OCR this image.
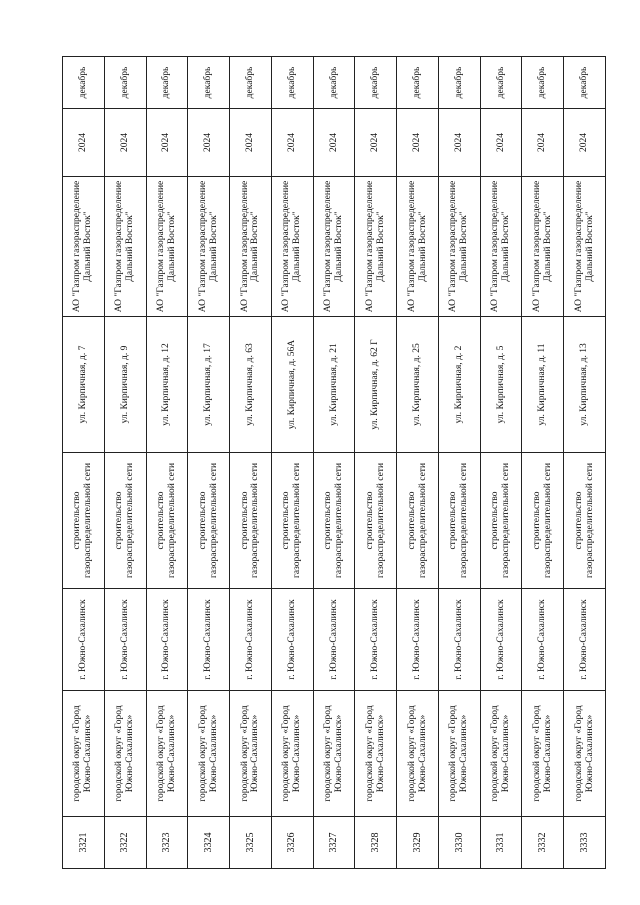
3321	городской округ «Город Южно-Сахалинск»	г. Южно-Сахалинск	строительство газораспределительной сети	ул. Кирпичная, д. 7	АО "Газпром газораспределение Дальний Восток"	2024	декабрь
3322	городской округ «Город Южно-Сахалинск»	г. Южно-Сахалинск	строительство газораспределительной сети	ул. Кирпичная, д. 9	АО "Газпром газораспределение Дальний Восток"	2024	декабрь
3323	городской округ «Город Южно-Сахалинск»	г. Южно-Сахалинск	строительство газораспределительной сети	ул. Кирпичная, д. 12	АО "Газпром газораспределение Дальний Восток"	2024	декабрь
3324	городской округ «Город Южно-Сахалинск»	г. Южно-Сахалинск	строительство газораспределительной сети	ул. Кирпичная, д. 17	АО "Газпром газораспределение Дальний Восток"	2024	декабрь
3325	городской округ «Город Южно-Сахалинск»	г. Южно-Сахалинск	строительство газораспределительной сети	ул. Кирпичная, д. 63	АО "Газпром газораспределение Дальний Восток"	2024	декабрь
3326	городской округ «Город Южно-Сахалинск»	г. Южно-Сахалинск	строительство газораспределительной сети	ул. Кирпичная, д. 56А	АО "Газпром газораспределение Дальний Восток"	2024	декабрь
3327	городской округ «Город Южно-Сахалинск»	г. Южно-Сахалинск	строительство газораспределительной сети	ул. Кирпичная, д. 21	АО "Газпром газораспределение Дальний Восток"	2024	декабрь
3328	городской округ «Город Южно-Сахалинск»	г. Южно-Сахалинск	строительство газораспределительной сети	ул. Кирпичная, д. 62 Г	АО "Газпром газораспределение Дальний Восток"	2024	декабрь
3329	городской округ «Город Южно-Сахалинск»	г. Южно-Сахалинск	строительство газораспределительной сети	ул. Кирпичная, д. 25	АО "Газпром газораспределение Дальний Восток"	2024	декабрь
3330	городской округ «Город Южно-Сахалинск»	г. Южно-Сахалинск	строительство газораспределительной сети	ул. Кирпичная, д. 2	АО "Газпром газораспределение Дальний Восток"	2024	декабрь
3331	городской округ «Город Южно-Сахалинск»	г. Южно-Сахалинск	строительство газораспределительной сети	ул. Кирпичная, д. 5	АО "Газпром газораспределение Дальний Восток"	2024	декабрь
3332	городской округ «Город Южно-Сахалинск»	г. Южно-Сахалинск	строительство газораспределительной сети	ул. Кирпичная, д. 11	АО "Газпром газораспределение Дальний Восток"	2024	декабрь
3333	городской округ «Город Южно-Сахалинск»	г. Южно-Сахалинск	строительство газораспределительной сети	ул. Кирпичная, д. 13	АО "Газпром газораспределение Дальний Восток"	2024	декабрь
